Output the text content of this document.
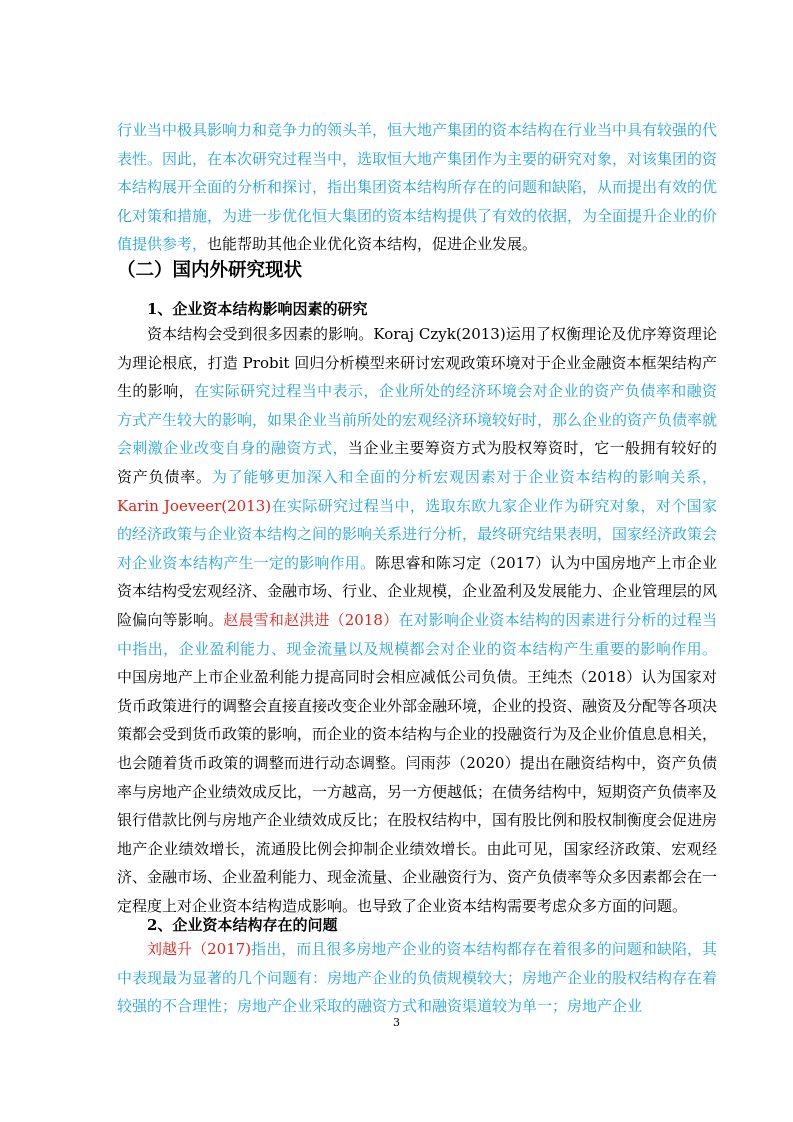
行业当中极具影响力和竞争力的领头羊，恒大地产集团的资本结构在行业当中具有较强的代表性。因此，在本次研究过程当中，选取恒大地产集团作为主要的研究对象，对该集团的资本结构展开全面的分析和探讨，指出集团资本结构所存在的问题和缺陷，从而提出有效的优化对策和措施，为进一步优化恒大集团的资本结构提供了有效的依据，为全面提升企业的价值提供参考，也能帮助其他企业优化资本结构，促进企业发展。
（二）国内外研究现状
1、企业资本结构影响因素的研究
资本结构会受到很多因素的影响。Koraj Czyk(2013)运用了权衡理论及优序筹资理论为理论根底，打造 Probit 回归分析模型来研讨宏观政策环境对于企业金融资本框架结构产生的影响，在实际研究过程当中表示，企业所处的经济环境会对企业的资产负债率和融资方式产生较大的影响，如果企业当前所处的宏观经济环境较好时，那么企业的资产负债率就会刺激企业改变自身的融资方式，当企业主要筹资方式为股权筹资时，它一般拥有较好的资产负债率。为了能够更加深入和全面的分析宏观因素对于企业资本结构的影响关系，Karin Joeveer(2013)在实际研究过程当中，选取东欧九家企业作为研究对象，对个国家的经济政策与企业资本结构之间的影响关系进行分析，最终研究结果表明，国家经济政策会对企业资本结构产生一定的影响作用。陈思睿和陈习定（2017）认为中国房地产上市企业资本结构受宏观经济、金融市场、行业、企业规模，企业盈利及发展能力、企业管理层的风险偏向等影响。赵晨雪和赵洪进（2018）在对影响企业资本结构的因素进行分析的过程当中指出，企业盈利能力、现金流量以及规模都会对企业的资本结构产生重要的影响作用。中国房地产上市企业盈利能力提高同时会相应减低公司负债。王纯杰（2018）认为国家对货币政策进行的调整会直接直接改变企业外部金融环境，企业的投资、融资及分配等各项决策都会受到货币政策的影响，而企业的资本结构与企业的投融资行为及企业价值息息相关，也会随着货币政策的调整而进行动态调整。闫雨莎（2020）提出在融资结构中，资产负债率与房地产企业绩效成反比，一方越高，另一方便越低；在债务结构中，短期资产负债率及银行借款比例与房地产企业绩效成反比；在股权结构中，国有股比例和股权制衡度会促进房地产企业绩效增长，流通股比例会抑制企业绩效增长。由此可见，国家经济政策、宏观经济、金融市场、企业盈利能力、现金流量、企业融资行为、资产负债率等众多因素都会在一定程度上对企业资本结构造成影响。也导致了企业资本结构需要考虑众多方面的问题。
2、企业资本结构存在的问题
刘越升（2017)指出，而且很多房地产企业的资本结构都存在着很多的问题和缺陷，其中表现最为显著的几个问题有：房地产企业的负债规模较大；房地产企业的股权结构存在着较强的不合理性；房地产企业采取的融资方式和融资渠道较为单一；房地产企业
3
